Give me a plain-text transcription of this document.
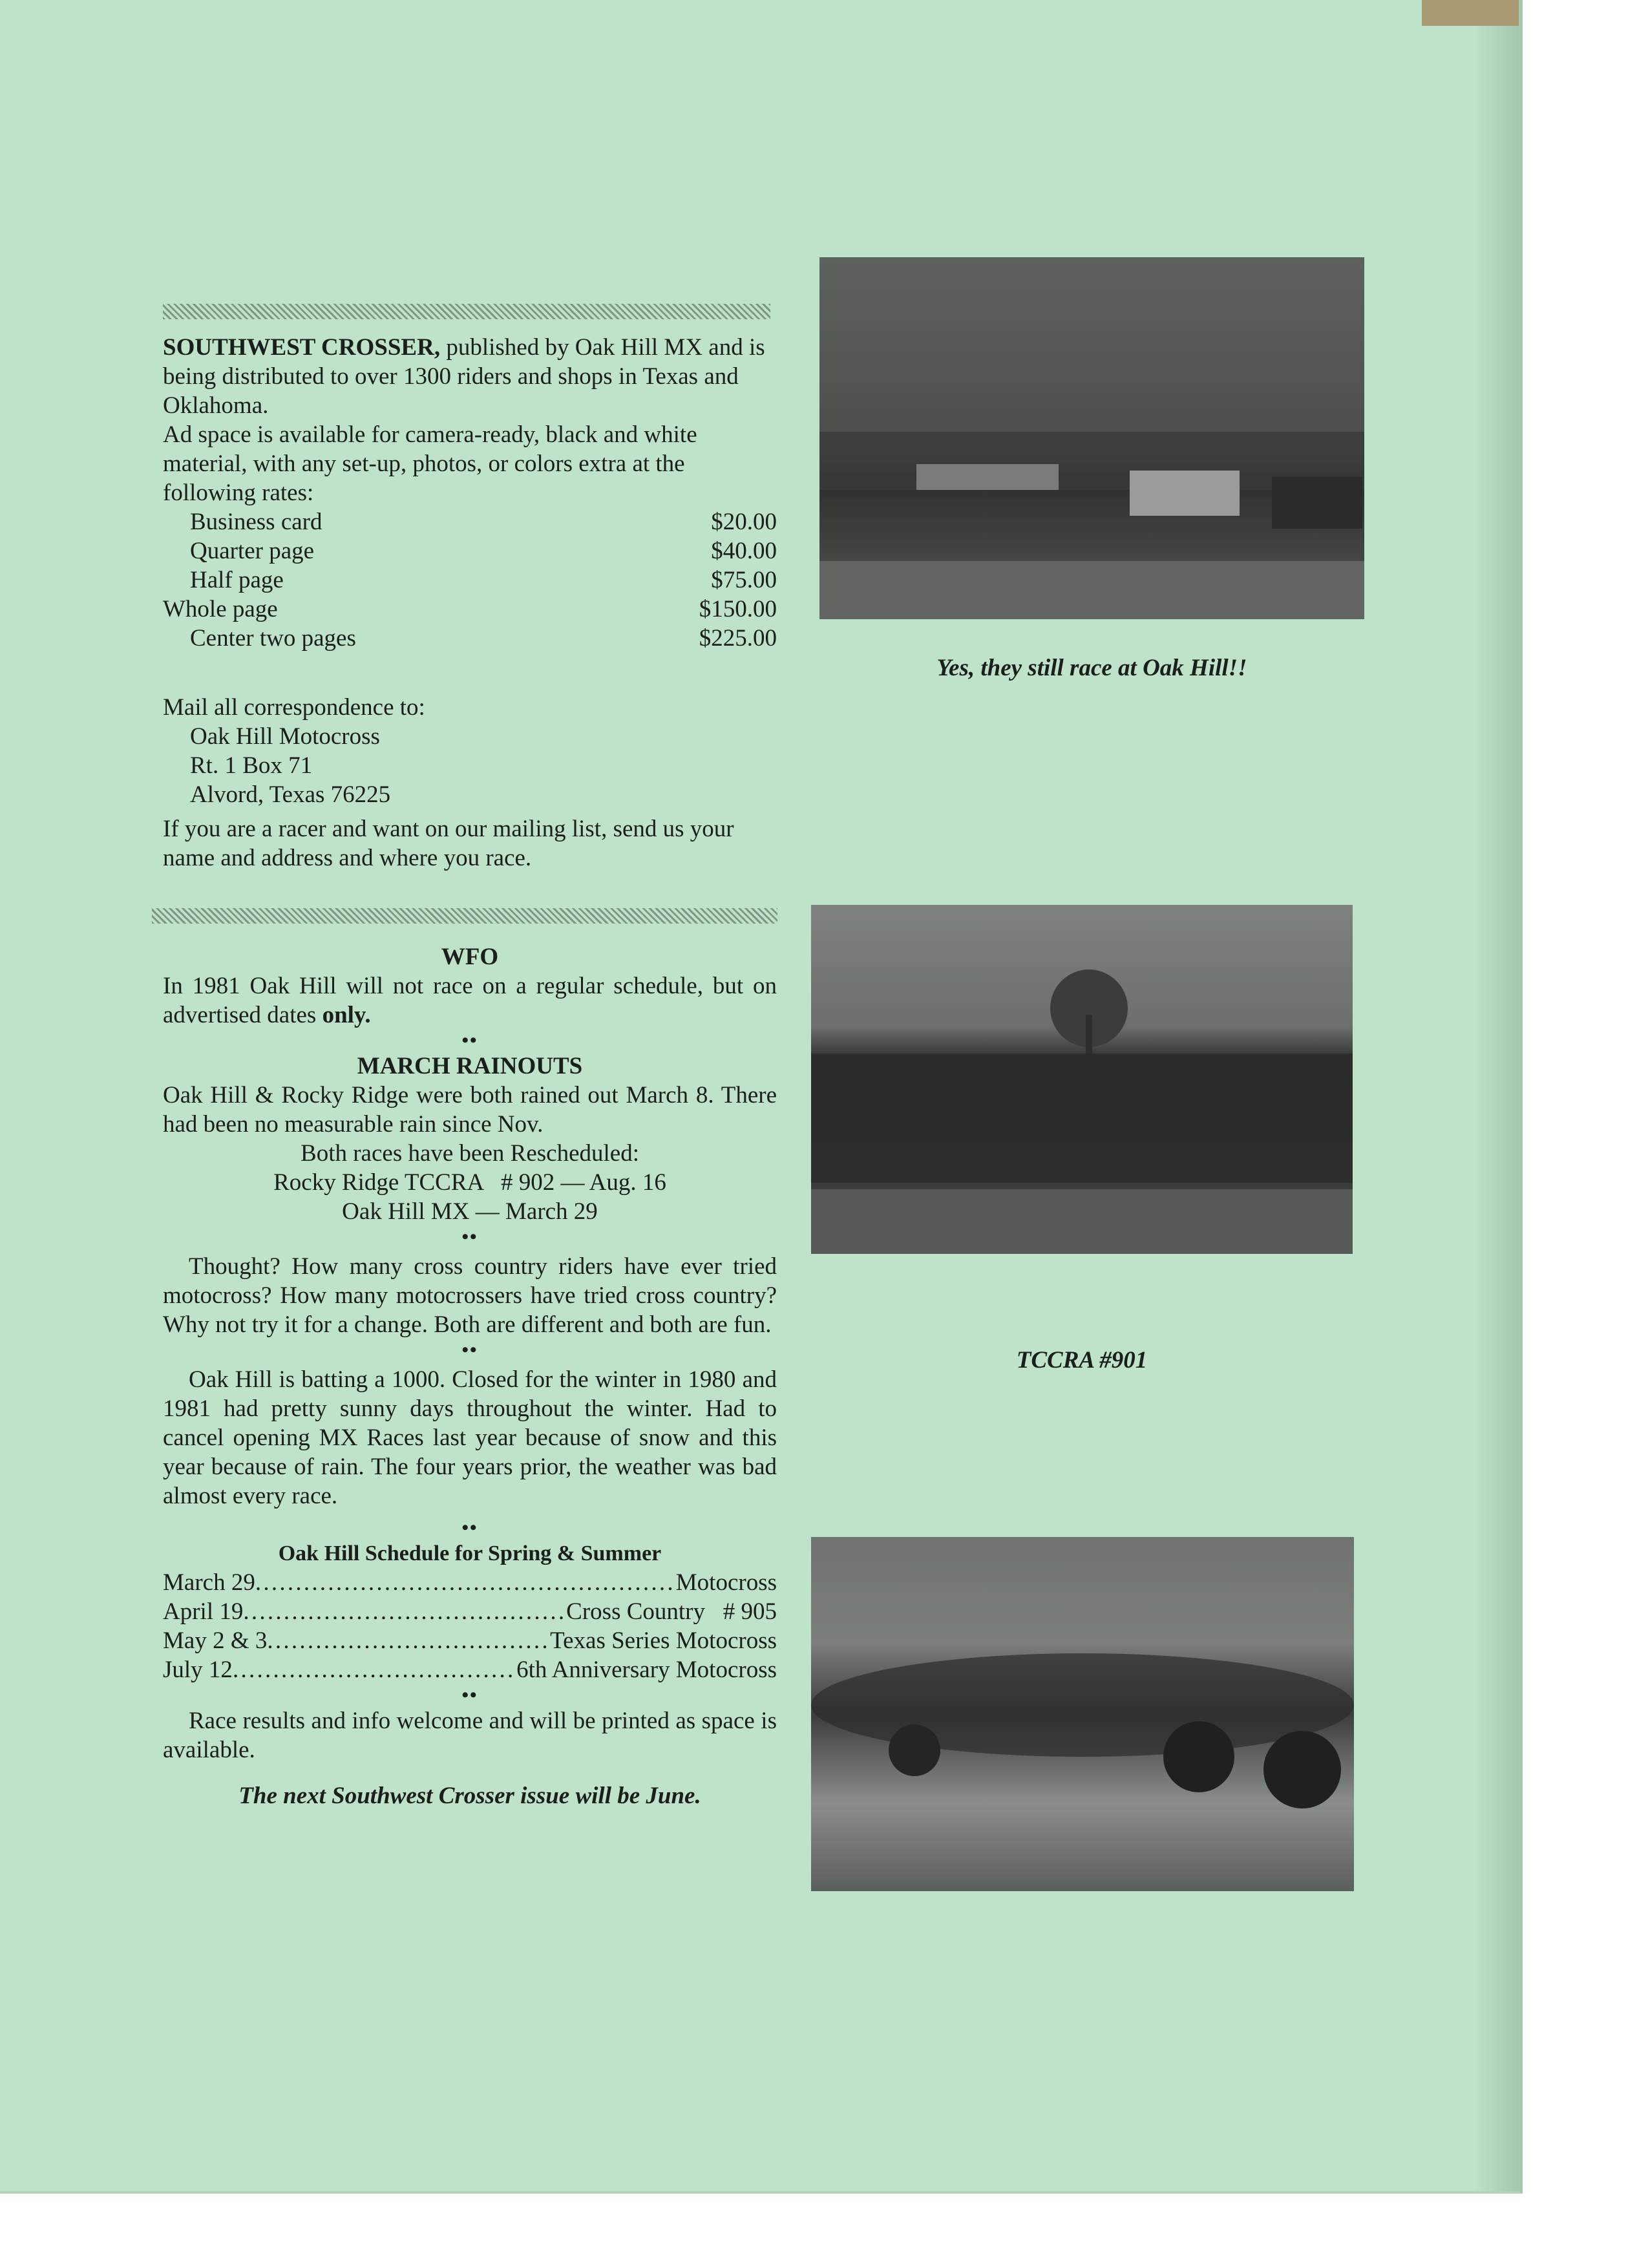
SOUTHWEST CROSSER, published by Oak Hill MX and is being distributed to over 1300 riders and shops in Texas and Oklahoma.
Ad space is available for camera-ready, black and white material, with any set-up, photos, or colors extra at the following rates:
Business card	$20.00
Quarter page	$40.00
Half page	$75.00
Whole page	$150.00
Center two pages	$225.00
Mail all correspondence to:
Oak Hill Motocross
Rt. 1 Box 71
Alvord, Texas 76225
If you are a racer and want on our mailing list, send us your name and address and where you race.
WFO
In 1981 Oak Hill will not race on a regular schedule, but on advertised dates only.
••
MARCH RAINOUTS
Oak Hill & Rocky Ridge were both rained out March 8. There had been no measurable rain since Nov.
Both races have been Rescheduled:
Rocky Ridge TCCRA   # 902 — Aug. 16
Oak Hill MX — March 29
••
Thought? How many cross country riders have ever tried motocross? How many motocrossers have tried cross country? Why not try it for a change. Both are different and both are fun.
••
Oak Hill is batting a 1000. Closed for the winter in 1980 and 1981 had pretty sunny days throughout the winter. Had to cancel opening MX Races last year because of snow and this year because of rain. The four years prior, the weather was bad almost every race.
••
Oak Hill Schedule for Spring & Summer
March 29 . . .	Motocross
April 19 . . .	Cross Country   # 905
May 2 & 3 . . .	Texas Series Motocross
July 12 . . .	6th Anniversary Motocross
••
Race results and info welcome and will be printed as space is available.
The next Southwest Crosser issue will be June.
Yes, they still race at Oak Hill!!
TCCRA #901
